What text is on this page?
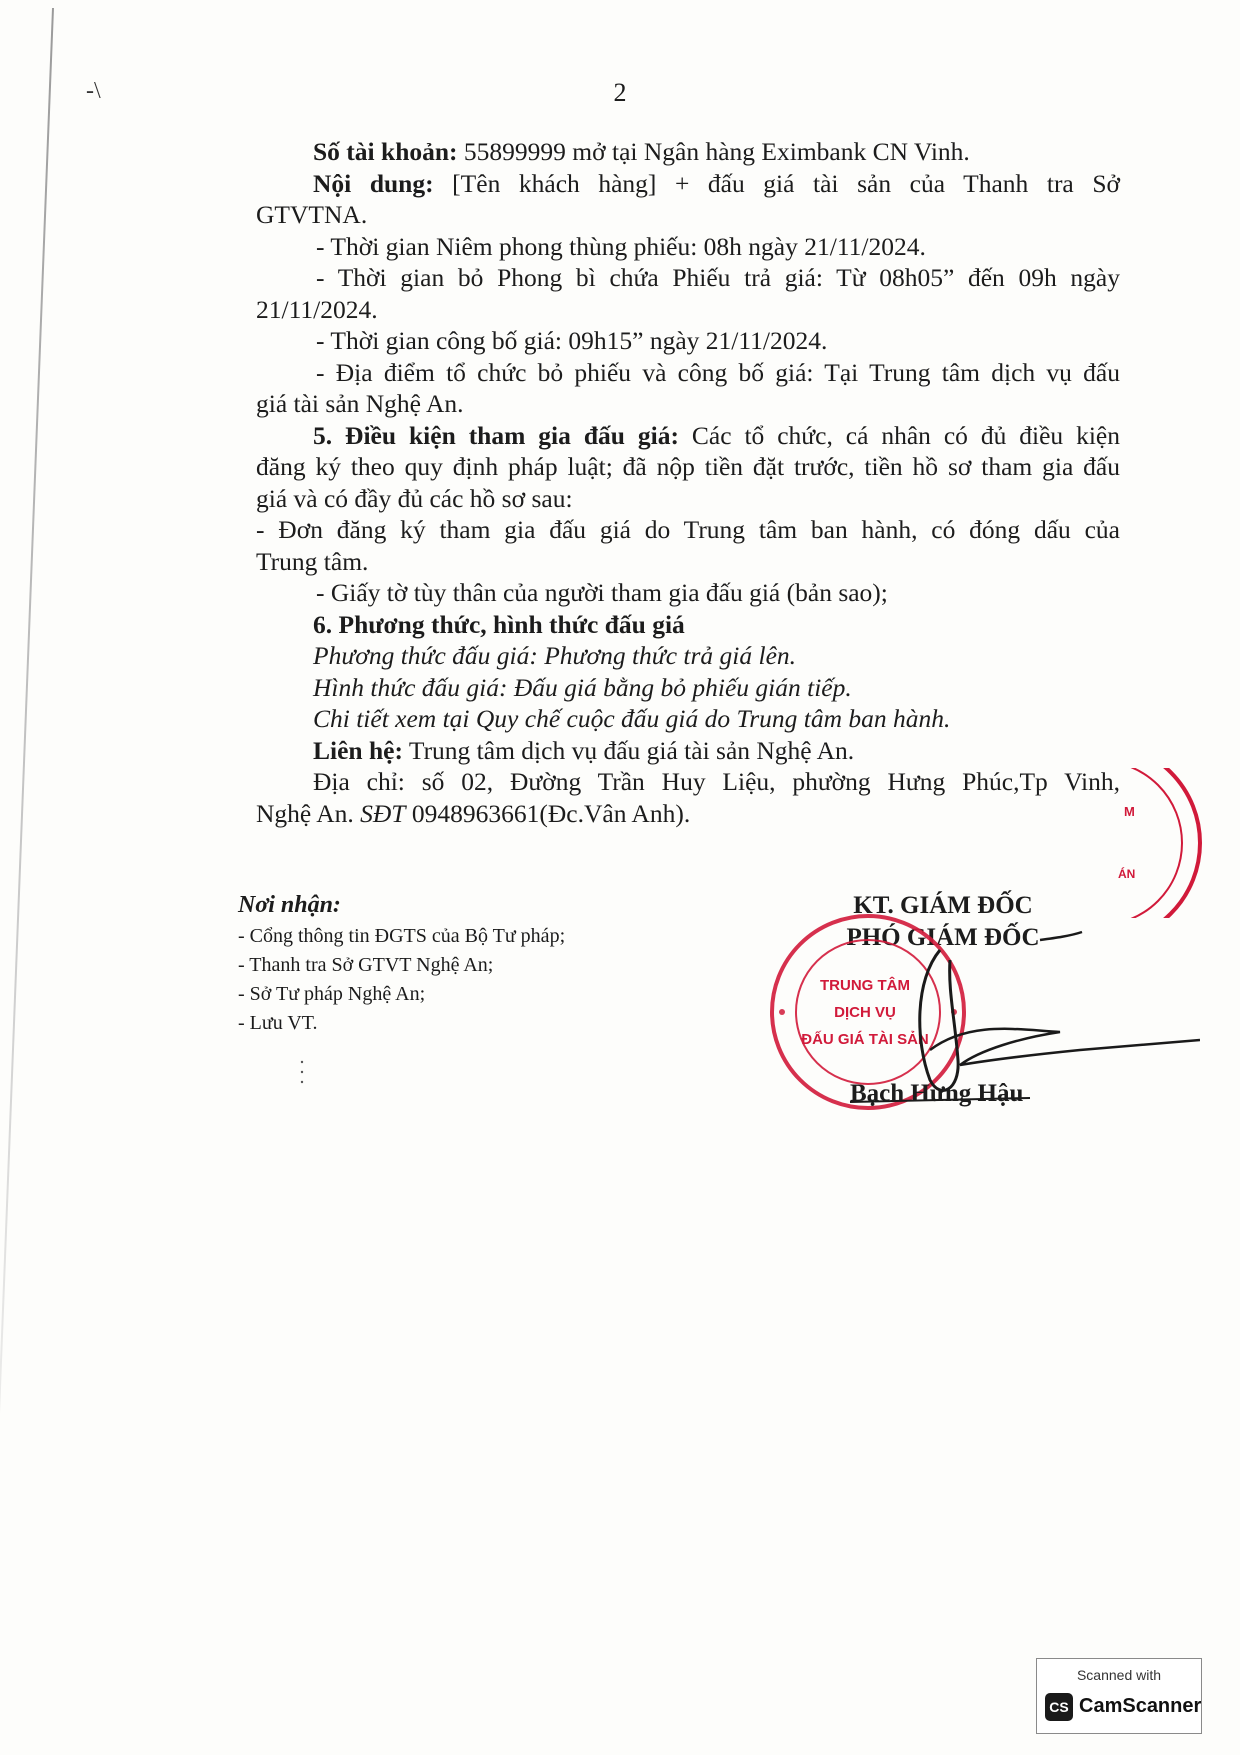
-\	2

Số tài khoản: 55899999 mở tại Ngân hàng Eximbank CN Vinh.

Nội dung: [Tên khách hàng] + đấu giá tài sản của Thanh tra Sở

GTVTNA.

- Thời gian Niêm phong thùng phiếu: 08h ngày 21/11/2024.

- Thời gian bỏ Phong bì chứa Phiếu trả giá: Từ 08h05” đến 09h ngày

21/11/2024.

- Thời gian công bố giá: 09h15” ngày 21/11/2024.

- Địa điểm tổ chức bỏ phiếu và công bố giá: Tại Trung tâm dịch vụ đấu

giá tài sản Nghệ An.

5. Điều kiện tham gia đấu giá: Các tổ chức, cá nhân có đủ điều kiện

đăng ký theo quy định pháp luật; đã nộp tiền đặt trước, tiền hồ sơ tham gia đấu

giá và có đầy đủ các hồ sơ sau:

- Đơn đăng ký tham gia đấu giá do Trung tâm ban hành, có đóng dấu của

Trung tâm.

- Giấy tờ tùy thân của người tham gia đấu giá (bản sao);

6. Phương thức, hình thức đấu giá

Phương thức đấu giá: Phương thức trả giá lên.

Hình thức đấu giá: Đấu giá bằng bỏ phiếu gián tiếp.

Chi tiết xem tại Quy chế cuộc đấu giá do Trung tâm ban hành.

Liên hệ: Trung tâm dịch vụ đấu giá tài sản Nghệ An.

Địa chỉ: số 02, Đường Trần Huy Liệu, phường Hưng Phúc,Tp Vinh,

Nghệ An. SĐT 0948963661(Đc.Vân Anh).

Nơi nhận:
- Cổng thông tin ĐGTS của Bộ Tư pháp;
- Thanh tra Sở GTVT Nghệ An;
- Sở Tư pháp Nghệ An;
- Lưu VT.
M
ÁN
KT. GIÁM ĐỐC
PHÓ GIÁM ĐỐC
TRUNG TÂM
DỊCH VỤ
ĐẤU GIÁ TÀI SẢN
Bạch Hưng Hậu
Scanned with
CS CamScanner
